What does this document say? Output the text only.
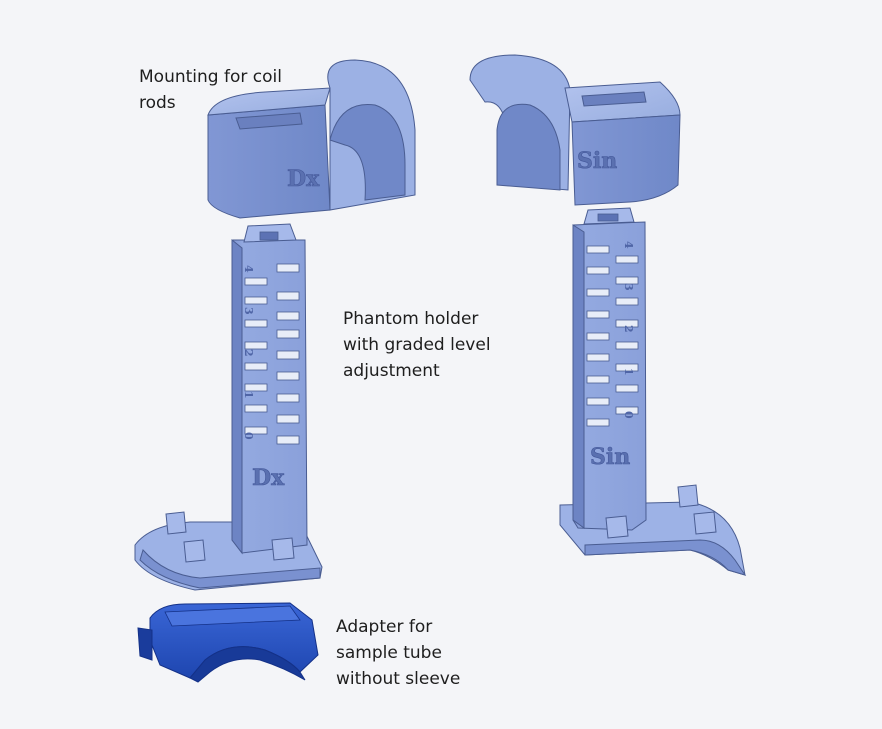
Dx
Sin
4
3
2
1
0
Dx
4
3
2
1
0
Sin
Mounting for coil
rods
Phantom holder
with graded level
adjustment
Adapter for
sample tube
without sleeve
